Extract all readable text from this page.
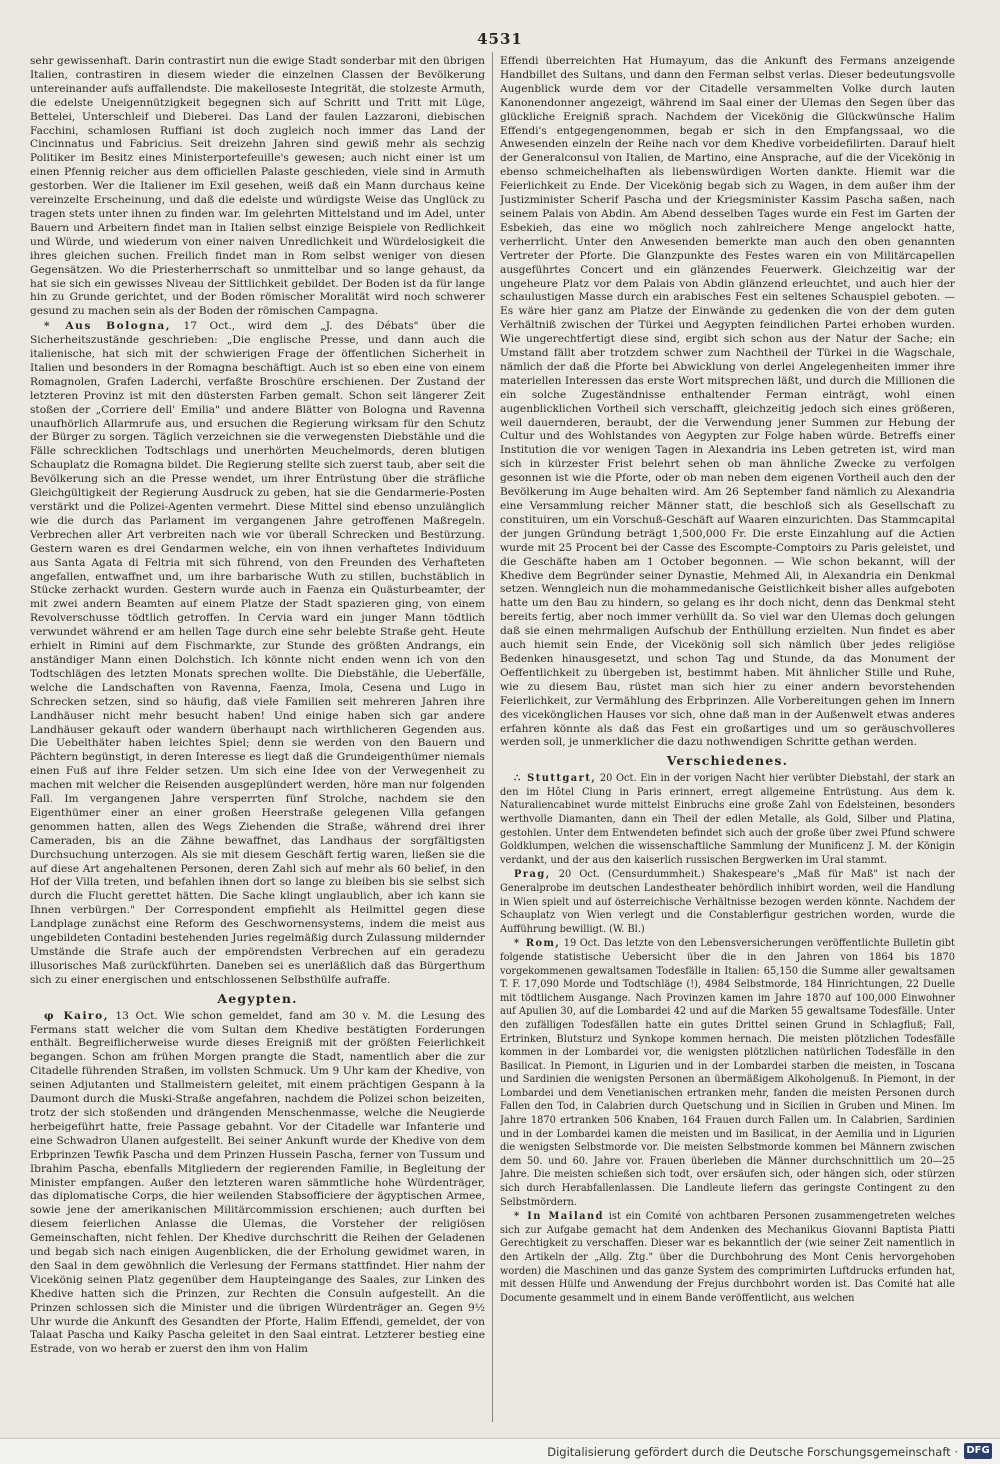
4531

sehr gewissenhaft. Darin contrastirt nun die ewige Stadt sonderbar mit den übrigen Italien, contrastiren in diesem wieder die einzelnen Classen der Bevölkerung untereinander aufs auffallendste. Die makelloseste Integrität, die stolzeste Armuth, die edelste Uneigennützigkeit begegnen sich auf Schritt und Tritt mit Lüge, Bettelei, Unterschleif und Dieberei. Das Land der faulen Lazzaroni, diebischen Facchini, schamlosen Ruffiani ist doch zugleich noch immer das Land der Cincinnatus und Fabricius. Seit dreizehn Jahren sind gewiß mehr als sechzig Politiker im Besitz eines Ministerportefeuille's gewesen; auch nicht einer ist um einen Pfennig reicher aus dem officiellen Palaste geschieden, viele sind in Armuth gestorben. Wer die Italiener im Exil gesehen, weiß daß ein Mann durchaus keine vereinzelte Erscheinung, und daß die edelste und würdigste Weise das Unglück zu tragen stets unter ihnen zu finden war. Im gelehrten Mittelstand und im Adel, unter Bauern und Arbeitern findet man in Italien selbst einzige Beispiele von Redlichkeit und Würde, und wiederum von einer naiven Unredlichkeit und Würdelosigkeit die ihres gleichen suchen. Freilich findet man in Rom selbst weniger von diesen Gegensätzen. Wo die Priesterherrschaft so unmittelbar und so lange gehaust, da hat sie sich ein gewisses Niveau der Sittlichkeit gebildet. Der Boden ist da für lange hin zu Grunde gerichtet, und der Boden römischer Moralität wird noch schwerer gesund zu machen sein als der Boden der römischen Campagna.

* Aus Bologna, 17 Oct., wird dem „J. des Débats" über die Sicherheitszustände geschrieben: „Die englische Presse, und dann auch die italienische, hat sich mit der schwierigen Frage der öffentlichen Sicherheit in Italien und besonders in der Romagna beschäftigt. Auch ist so eben eine von einem Romagnolen, Grafen Laderchi, verfaßte Broschüre erschienen. Der Zustand der letzteren Provinz ist mit den düstersten Farben gemalt. Schon seit längerer Zeit stoßen der „Corriere dell' Emilia" und andere Blätter von Bologna und Ravenna unaufhörlich Allarmrufe aus, und ersuchen die Regierung wirksam für den Schutz der Bürger zu sorgen. Täglich verzeichnen sie die verwegensten Diebstähle und die Fälle schrecklichen Todtschlags und unerhörten Meuchelmords, deren blutigen Schauplatz die Romagna bildet. Die Regierung stellte sich zuerst taub, aber seit die Bevölkerung sich an die Presse wendet, um ihrer Entrüstung über die sträfliche Gleichgültigkeit der Regierung Ausdruck zu geben, hat sie die Gendarmerie-Posten verstärkt und die Polizei-Agenten vermehrt. Diese Mittel sind ebenso unzulänglich wie die durch das Parlament im vergangenen Jahre getroffenen Maßregeln. Verbrechen aller Art verbreiten nach wie vor überall Schrecken und Bestürzung. Gestern waren es drei Gendarmen welche, ein von ihnen verhaftetes Individuum aus Santa Agata di Feltria mit sich führend, von den Freunden des Verhafteten angefallen, entwaffnet und, um ihre barbarische Wuth zu stillen, buchstäblich in Stücke zerhackt wurden. Gestern wurde auch in Faenza ein Quästurbeamter, der mit zwei andern Beamten auf einem Platze der Stadt spazieren ging, von einem Revolverschusse tödtlich getroffen. In Cervia ward ein junger Mann tödtlich verwundet während er am hellen Tage durch eine sehr belebte Straße geht. Heute erhielt in Rimini auf dem Fischmarkte, zur Stunde des größten Andrangs, ein anständiger Mann einen Dolchstich. Ich könnte nicht enden wenn ich von den Todtschlägen des letzten Monats sprechen wollte. Die Diebstähle, die Ueberfälle, welche die Landschaften von Ravenna, Faenza, Imola, Cesena und Lugo in Schrecken setzen, sind so häufig, daß viele Familien seit mehreren Jahren ihre Landhäuser nicht mehr besucht haben! Und einige haben sich gar andere Landhäuser gekauft oder wandern überhaupt nach wirthlicheren Gegenden aus. Die Uebelthäter haben leichtes Spiel; denn sie werden von den Bauern und Pächtern begünstigt, in deren Interesse es liegt daß die Grundeigenthümer niemals einen Fuß auf ihre Felder setzen. Um sich eine Idee von der Verwegenheit zu machen mit welcher die Reisenden ausgeplündert werden, höre man nur folgenden Fall. Im vergangenen Jahre versperrten fünf Strolche, nachdem sie den Eigenthümer einer an einer großen Heerstraße gelegenen Villa gefangen genommen hatten, allen des Wegs Ziehenden die Straße, während drei ihrer Cameraden, bis an die Zähne bewaffnet, das Landhaus der sorgfältigsten Durchsuchung unterzogen. Als sie mit diesem Geschäft fertig waren, ließen sie die auf diese Art angehaltenen Personen, deren Zahl sich auf mehr als 60 belief, in den Hof der Villa treten, und befahlen ihnen dort so lange zu bleiben bis sie selbst sich durch die Flucht gerettet hätten. Die Sache klingt unglaublich, aber ich kann sie Ihnen verbürgen." Der Correspondent empfiehlt als Heilmittel gegen diese Landplage zunächst eine Reform des Geschwornensystems, indem die meist aus ungebildeten Contadini bestehenden Juries regelmäßig durch Zulassung mildernder Umstände die Strafe auch der empörendsten Verbrechen auf ein geradezu illusorisches Maß zurückführten. Daneben sei es unerläßlich daß das Bürgerthum sich zu einer energischen und entschlossenen Selbsthülfe aufraffe.

Aegypten.

φ Kairo, 13 Oct. Wie schon gemeldet, fand am 30 v. M. die Lesung des Fermans statt welcher die vom Sultan dem Khedive bestätigten Forderungen enthält. Begreiflicherweise wurde dieses Ereigniß mit der größten Feierlichkeit begangen. Schon am frühen Morgen prangte die Stadt, namentlich aber die zur Citadelle führenden Straßen, im vollsten Schmuck. Um 9 Uhr kam der Khedive, von seinen Adjutanten und Stallmeistern geleitet, mit einem prächtigen Gespann à la Daumont durch die Muski-Straße angefahren, nachdem die Polizei schon beizeiten, trotz der sich stoßenden und drängenden Menschenmasse, welche die Neugierde herbeigeführt hatte, freie Passage gebahnt. Vor der Citadelle war Infanterie und eine Schwadron Ulanen aufgestellt. Bei seiner Ankunft wurde der Khedive von dem Erbprinzen Tewfik Pascha und dem Prinzen Hussein Pascha, ferner von Tussum und Ibrahim Pascha, ebenfalls Mitgliedern der regierenden Familie, in Begleitung der Minister empfangen. Außer den letzteren waren sämmtliche hohe Würdenträger, das diplomatische Corps, die hier weilenden Stabsofficiere der ägyptischen Armee, sowie jene der amerikanischen Militärcommission erschienen; auch durften bei diesem feierlichen Anlasse die Ulemas, die Vorsteher der religiösen Gemeinschaften, nicht fehlen. Der Khedive durchschritt die Reihen der Geladenen und begab sich nach einigen Augenblicken, die der Erholung gewidmet waren, in den Saal in dem gewöhnlich die Verlesung der Fermans stattfindet. Hier nahm der Vicekönig seinen Platz gegenüber dem Haupteingange des Saales, zur Linken des Khedive hatten sich die Prinzen, zur Rechten die Consuln aufgestellt. An die Prinzen schlossen sich die Minister und die übrigen Würdenträger an. Gegen 9½ Uhr wurde die Ankunft des Gesandten der Pforte, Halim Effendi, gemeldet, der von Talaat Pascha und Kaiky Pascha geleitet in den Saal eintrat. Letzterer bestieg eine Estrade, von wo herab er zuerst den ihm von Halim

Effendi überreichten Hat Humayum, das die Ankunft des Fermans anzeigende Handbillet des Sultans, und dann den Ferman selbst verlas. Dieser bedeutungsvolle Augenblick wurde dem vor der Citadelle versammelten Volke durch lauten Kanonendonner angezeigt, während im Saal einer der Ulemas den Segen über das glückliche Ereigniß sprach. Nachdem der Vicekönig die Glückwünsche Halim Effendi's entgegengenommen, begab er sich in den Empfangssaal, wo die Anwesenden einzeln der Reihe nach vor dem Khedive vorbeidefilirten. Darauf hielt der Generalconsul von Italien, de Martino, eine Ansprache, auf die der Vicekönig in ebenso schmeichelhaften als liebenswürdigen Worten dankte. Hiemit war die Feierlichkeit zu Ende. Der Vicekönig begab sich zu Wagen, in dem außer ihm der Justizminister Scherif Pascha und der Kriegsminister Kassim Pascha saßen, nach seinem Palais von Abdin. Am Abend desselben Tages wurde ein Fest im Garten der Esbekieh, das eine wo möglich noch zahlreichere Menge angelockt hatte, verherrlicht. Unter den Anwesenden bemerkte man auch den oben genannten Vertreter der Pforte. Die Glanzpunkte des Festes waren ein von Militärcapellen ausgeführtes Concert und ein glänzendes Feuerwerk. Gleichzeitig war der ungeheure Platz vor dem Palais von Abdin glänzend erleuchtet, und auch hier der schaulustigen Masse durch ein arabisches Fest ein seltenes Schauspiel geboten. — Es wäre hier ganz am Platze der Einwände zu gedenken die von der dem guten Verhältniß zwischen der Türkei und Aegypten feindlichen Partei erhoben wurden. Wie ungerechtfertigt diese sind, ergibt sich schon aus der Natur der Sache; ein Umstand fällt aber trotzdem schwer zum Nachtheil der Türkei in die Wagschale, nämlich der daß die Pforte bei Abwicklung von derlei Angelegenheiten immer ihre materiellen Interessen das erste Wort mitsprechen läßt, und durch die Millionen die ein solche Zugeständnisse enthaltender Ferman einträgt, wohl einen augenblicklichen Vortheil sich verschafft, gleichzeitig jedoch sich eines größeren, weil dauernderen, beraubt, der die Verwendung jener Summen zur Hebung der Cultur und des Wohlstandes von Aegypten zur Folge haben würde. Betreffs einer Institution die vor wenigen Tagen in Alexandria ins Leben getreten ist, wird man sich in kürzester Frist belehrt sehen ob man ähnliche Zwecke zu verfolgen gesonnen ist wie die Pforte, oder ob man neben dem eigenen Vortheil auch den der Bevölkerung im Auge behalten wird. Am 26 September fand nämlich zu Alexandria eine Versammlung reicher Männer statt, die beschloß sich als Gesellschaft zu constituiren, um ein Vorschuß-Geschäft auf Waaren einzurichten. Das Stammcapital der jungen Gründung beträgt 1,500,000 Fr. Die erste Einzahlung auf die Actien wurde mit 25 Procent bei der Casse des Escompte-Comptoirs zu Paris geleistet, und die Geschäfte haben am 1 October begonnen. — Wie schon bekannt, will der Khedive dem Begründer seiner Dynastie, Mehmed Ali, in Alexandria ein Denkmal setzen. Wenngleich nun die mohammedanische Geistlichkeit bisher alles aufgeboten hatte um den Bau zu hindern, so gelang es ihr doch nicht, denn das Denkmal steht bereits fertig, aber noch immer verhüllt da. So viel war den Ulemas doch gelungen daß sie einen mehrmaligen Aufschub der Enthüllung erzielten. Nun findet es aber auch hiemit sein Ende, der Vicekönig soll sich nämlich über jedes religiöse Bedenken hinausgesetzt, und schon Tag und Stunde, da das Monument der Oeffentlichkeit zu übergeben ist, bestimmt haben. Mit ähnlicher Stille und Ruhe, wie zu diesem Bau, rüstet man sich hier zu einer andern bevorstehenden Feierlichkeit, zur Vermählung des Erbprinzen. Alle Vorbereitungen gehen im Innern des vicekönglichen Hauses vor sich, ohne daß man in der Außenwelt etwas anderes erfahren könnte als daß das Fest ein großartiges und um so geräuschvolleres werden soll, je unmerklicher die dazu nothwendigen Schritte gethan werden.

Verschiedenes.

∴ Stuttgart, 20 Oct. Ein in der vorigen Nacht hier verübter Diebstahl, der stark an den im Hôtel Clung in Paris erinnert, erregt allgemeine Entrüstung. Aus dem k. Naturaliencabinet wurde mittelst Einbruchs eine große Zahl von Edelsteinen, besonders werthvolle Diamanten, dann ein Theil der edlen Metalle, als Gold, Silber und Platina, gestohlen. Unter dem Entwendeten befindet sich auch der große über zwei Pfund schwere Goldklumpen, welchen die wissenschaftliche Sammlung der Munificenz J. M. der Königin verdankt, und der aus den kaiserlich russischen Bergwerken im Ural stammt.

Prag, 20 Oct. (Censurdummheit.) Shakespeare's „Maß für Maß" ist nach der Generalprobe im deutschen Landestheater behördlich inhibirt worden, weil die Handlung in Wien spielt und auf österreichische Verhältnisse bezogen werden könnte. Nachdem der Schauplatz von Wien verlegt und die Constablerfigur gestrichen worden, wurde die Aufführung bewilligt. (W. Bl.)

* Rom, 19 Oct. Das letzte von den Lebensversicherungen veröffentlichte Bulletin gibt folgende statistische Uebersicht über die in den Jahren von 1864 bis 1870 vorgekommenen gewaltsamen Todesfälle in Italien: 65,150 die Summe aller gewaltsamen T. F. 17,090 Morde und Todtschläge (!), 4984 Selbstmorde, 184 Hinrichtungen, 22 Duelle mit tödtlichem Ausgange. Nach Provinzen kamen im Jahre 1870 auf 100,000 Einwohner auf Apulien 30, auf die Lombardei 42 und auf die Marken 55 gewaltsame Todesfälle. Unter den zufälligen Todesfällen hatte ein gutes Drittel seinen Grund in Schlagfluß; Fall, Ertrinken, Blutsturz und Synkope kommen hernach. Die meisten plötzlichen Todesfälle kommen in der Lombardei vor, die wenigsten plötzlichen natürlichen Todesfälle in den Basilicat. In Piemont, in Ligurien und in der Lombardei starben die meisten, in Toscana und Sardinien die wenigsten Personen an übermäßigem Alkoholgenuß. In Piemont, in der Lombardei und dem Venetianischen ertranken mehr, fanden die meisten Personen durch Fallen den Tod, in Calabrien durch Quetschung und in Sicilien in Gruben und Minen. Im Jahre 1870 ertranken 506 Knaben, 164 Frauen durch Fallen um. In Calabrien, Sardinien und in der Lombardei kamen die meisten und im Basilicat, in der Aemilia und in Ligurien die wenigsten Selbstmorde vor. Die meisten Selbstmorde kommen bei Männern zwischen dem 50. und 60. Jahre vor. Frauen überleben die Männer durchschnittlich um 20—25 Jahre. Die meisten schießen sich todt, over ersäufen sich, oder hängen sich, oder stürzen sich durch Herabfallenlassen. Die Landleute liefern das geringste Contingent zu den Selbstmördern.

* In Mailand ist ein Comité von achtbaren Personen zusammengetreten welches sich zur Aufgabe gemacht hat dem Andenken des Mechanikus Giovanni Baptista Piatti Gerechtigkeit zu verschaffen. Dieser war es bekanntlich der (wie seiner Zeit namentlich in den Artikeln der „Allg. Ztg." über die Durchbohrung des Mont Cenis hervorgehoben worden) die Maschinen und das ganze System des comprimirten Luftdrucks erfunden hat, mit dessen Hülfe und Anwendung der Frejus durchbohrt worden ist. Das Comité hat alle Documente gesammelt und in einem Bande veröffentlicht, aus welchen

Digitalisierung gefördert durch die Deutsche Forschungsgemeinschaft · DFG
